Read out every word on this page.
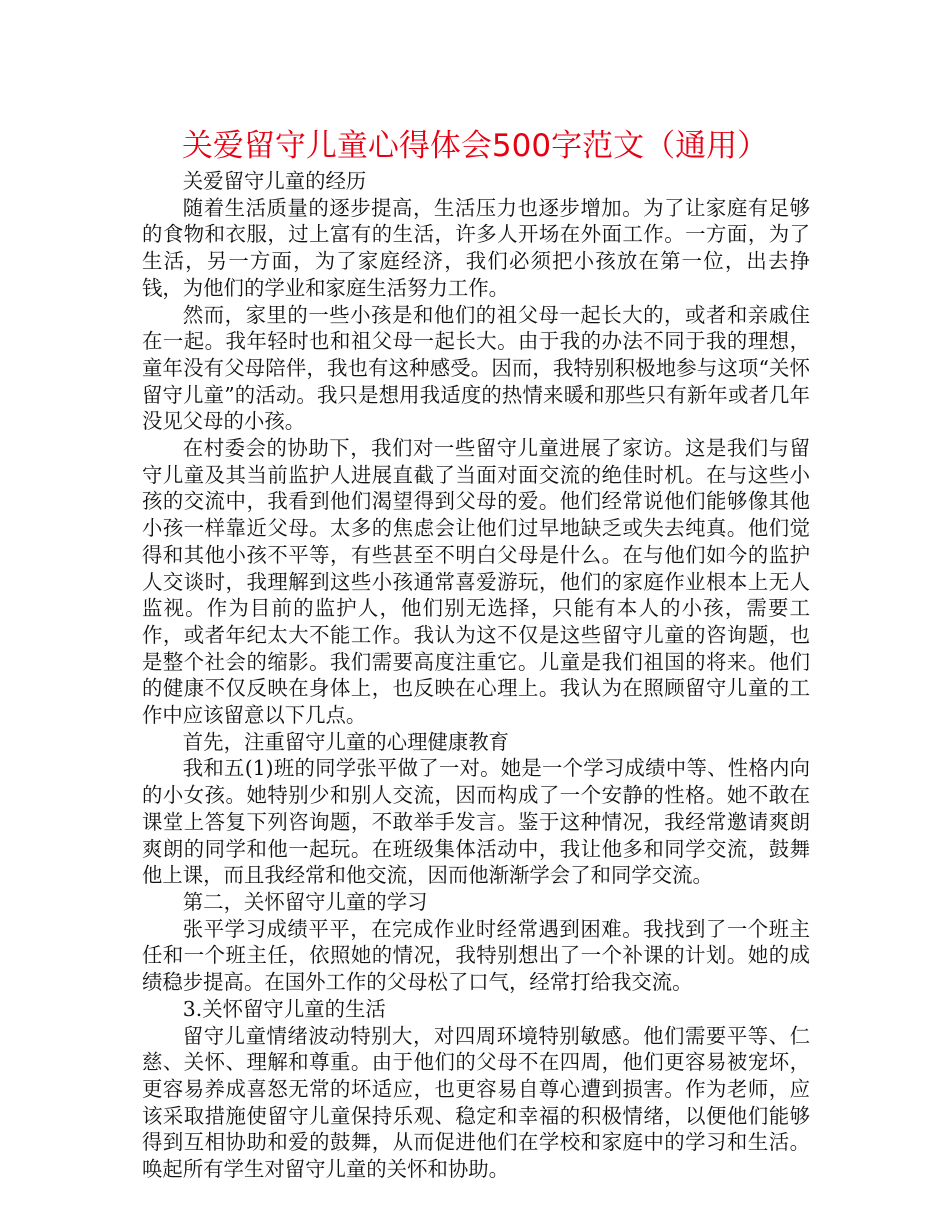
关爱留守儿童心得体会500字范文（通用）

关爱留守儿童的经历

随着生活质量的逐步提高，生活压力也逐步增加。为了让家庭有足够的食物和衣服，过上富有的生活，许多人开场在外面工作。一方面，为了生活，另一方面，为了家庭经济，我们必须把小孩放在第一位，出去挣钱，为他们的学业和家庭生活努力工作。

然而，家里的一些小孩是和他们的祖父母一起长大的，或者和亲戚住在一起。我年轻时也和祖父母一起长大。由于我的办法不同于我的理想，童年没有父母陪伴，我也有这种感受。因而，我特别积极地参与这项“关怀留守儿童”的活动。我只是想用我适度的热情来暖和那些只有新年或者几年没见父母的小孩。

在村委会的协助下，我们对一些留守儿童进展了家访。这是我们与留守儿童及其当前监护人进展直截了当面对面交流的绝佳时机。在与这些小孩的交流中，我看到他们渴望得到父母的爱。他们经常说他们能够像其他小孩一样靠近父母。太多的焦虑会让他们过早地缺乏或失去纯真。他们觉得和其他小孩不平等，有些甚至不明白父母是什么。在与他们如今的监护人交谈时，我理解到这些小孩通常喜爱游玩，他们的家庭作业根本上无人监视。作为目前的监护人，他们别无选择，只能有本人的小孩，需要工作，或者年纪太大不能工作。我认为这不仅是这些留守儿童的咨询题，也是整个社会的缩影。我们需要高度注重它。儿童是我们祖国的将来。他们的健康不仅反映在身体上，也反映在心理上。我认为在照顾留守儿童的工作中应该留意以下几点。

首先，注重留守儿童的心理健康教育

我和五(1)班的同学张平做了一对。她是一个学习成绩中等、性格内向的小女孩。她特别少和别人交流，因而构成了一个安静的性格。她不敢在课堂上答复下列咨询题，不敢举手发言。鉴于这种情况，我经常邀请爽朗爽朗的同学和他一起玩。在班级集体活动中，我让他多和同学交流，鼓舞他上课，而且我经常和他交流，因而他渐渐学会了和同学交流。

第二，关怀留守儿童的学习

张平学习成绩平平，在完成作业时经常遇到困难。我找到了一个班主任和一个班主任，依照她的情况，我特别想出了一个补课的计划。她的成绩稳步提高。在国外工作的父母松了口气，经常打给我交流。

3.关怀留守儿童的生活

留守儿童情绪波动特别大，对四周环境特别敏感。他们需要平等、仁慈、关怀、理解和尊重。由于他们的父母不在四周，他们更容易被宠坏，更容易养成喜怒无常的坏适应，也更容易自尊心遭到损害。作为老师，应该采取措施使留守儿童保持乐观、稳定和幸福的积极情绪，以便他们能够得到互相协助和爱的鼓舞，从而促进他们在学校和家庭中的学习和生活。唤起所有学生对留守儿童的关怀和协助。
